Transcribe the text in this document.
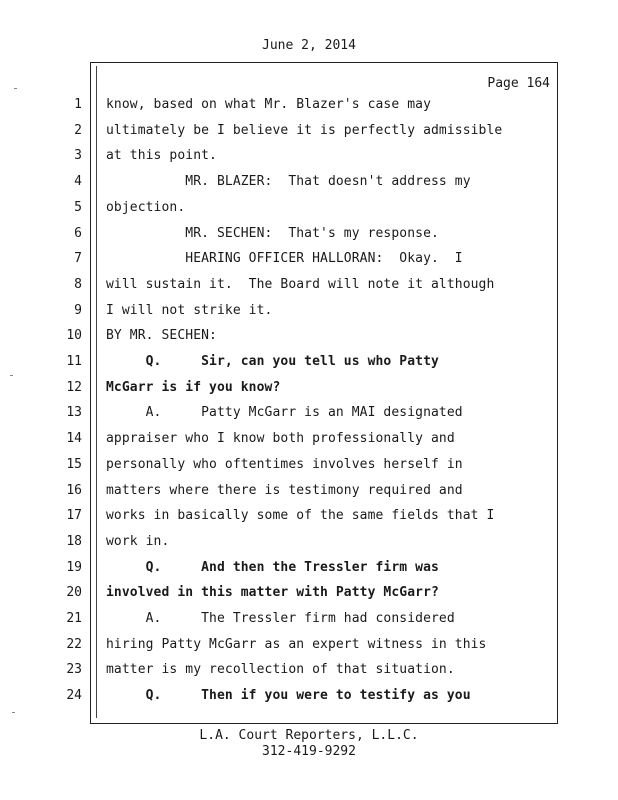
June 2, 2014
Page 164
1 know, based on what Mr. Blazer's case may
2 ultimately be I believe it is perfectly admissible
3 at this point.
4 MR. BLAZER:  That doesn't address my
5 objection.
6 MR. SECHEN:  That's my response.
7 HEARING OFFICER HALLORAN:  Okay.  I
8 will sustain it.  The Board will note it although
9 I will not strike it.
10 BY MR. SECHEN:
11 Q.     Sir, can you tell us who Patty
12 McGarr is if you know?
13 A.     Patty McGarr is an MAI designated
14 appraiser who I know both professionally and
15 personally who oftentimes involves herself in
16 matters where there is testimony required and
17 works in basically some of the same fields that I
18 work in.
19 Q.     And then the Tressler firm was
20 involved in this matter with Patty McGarr?
21 A.     The Tressler firm had considered
22 hiring Patty McGarr as an expert witness in this
23 matter is my recollection of that situation.
24 Q.     Then if you were to testify as you
L.A. Court Reporters, L.L.C.
312-419-9292
